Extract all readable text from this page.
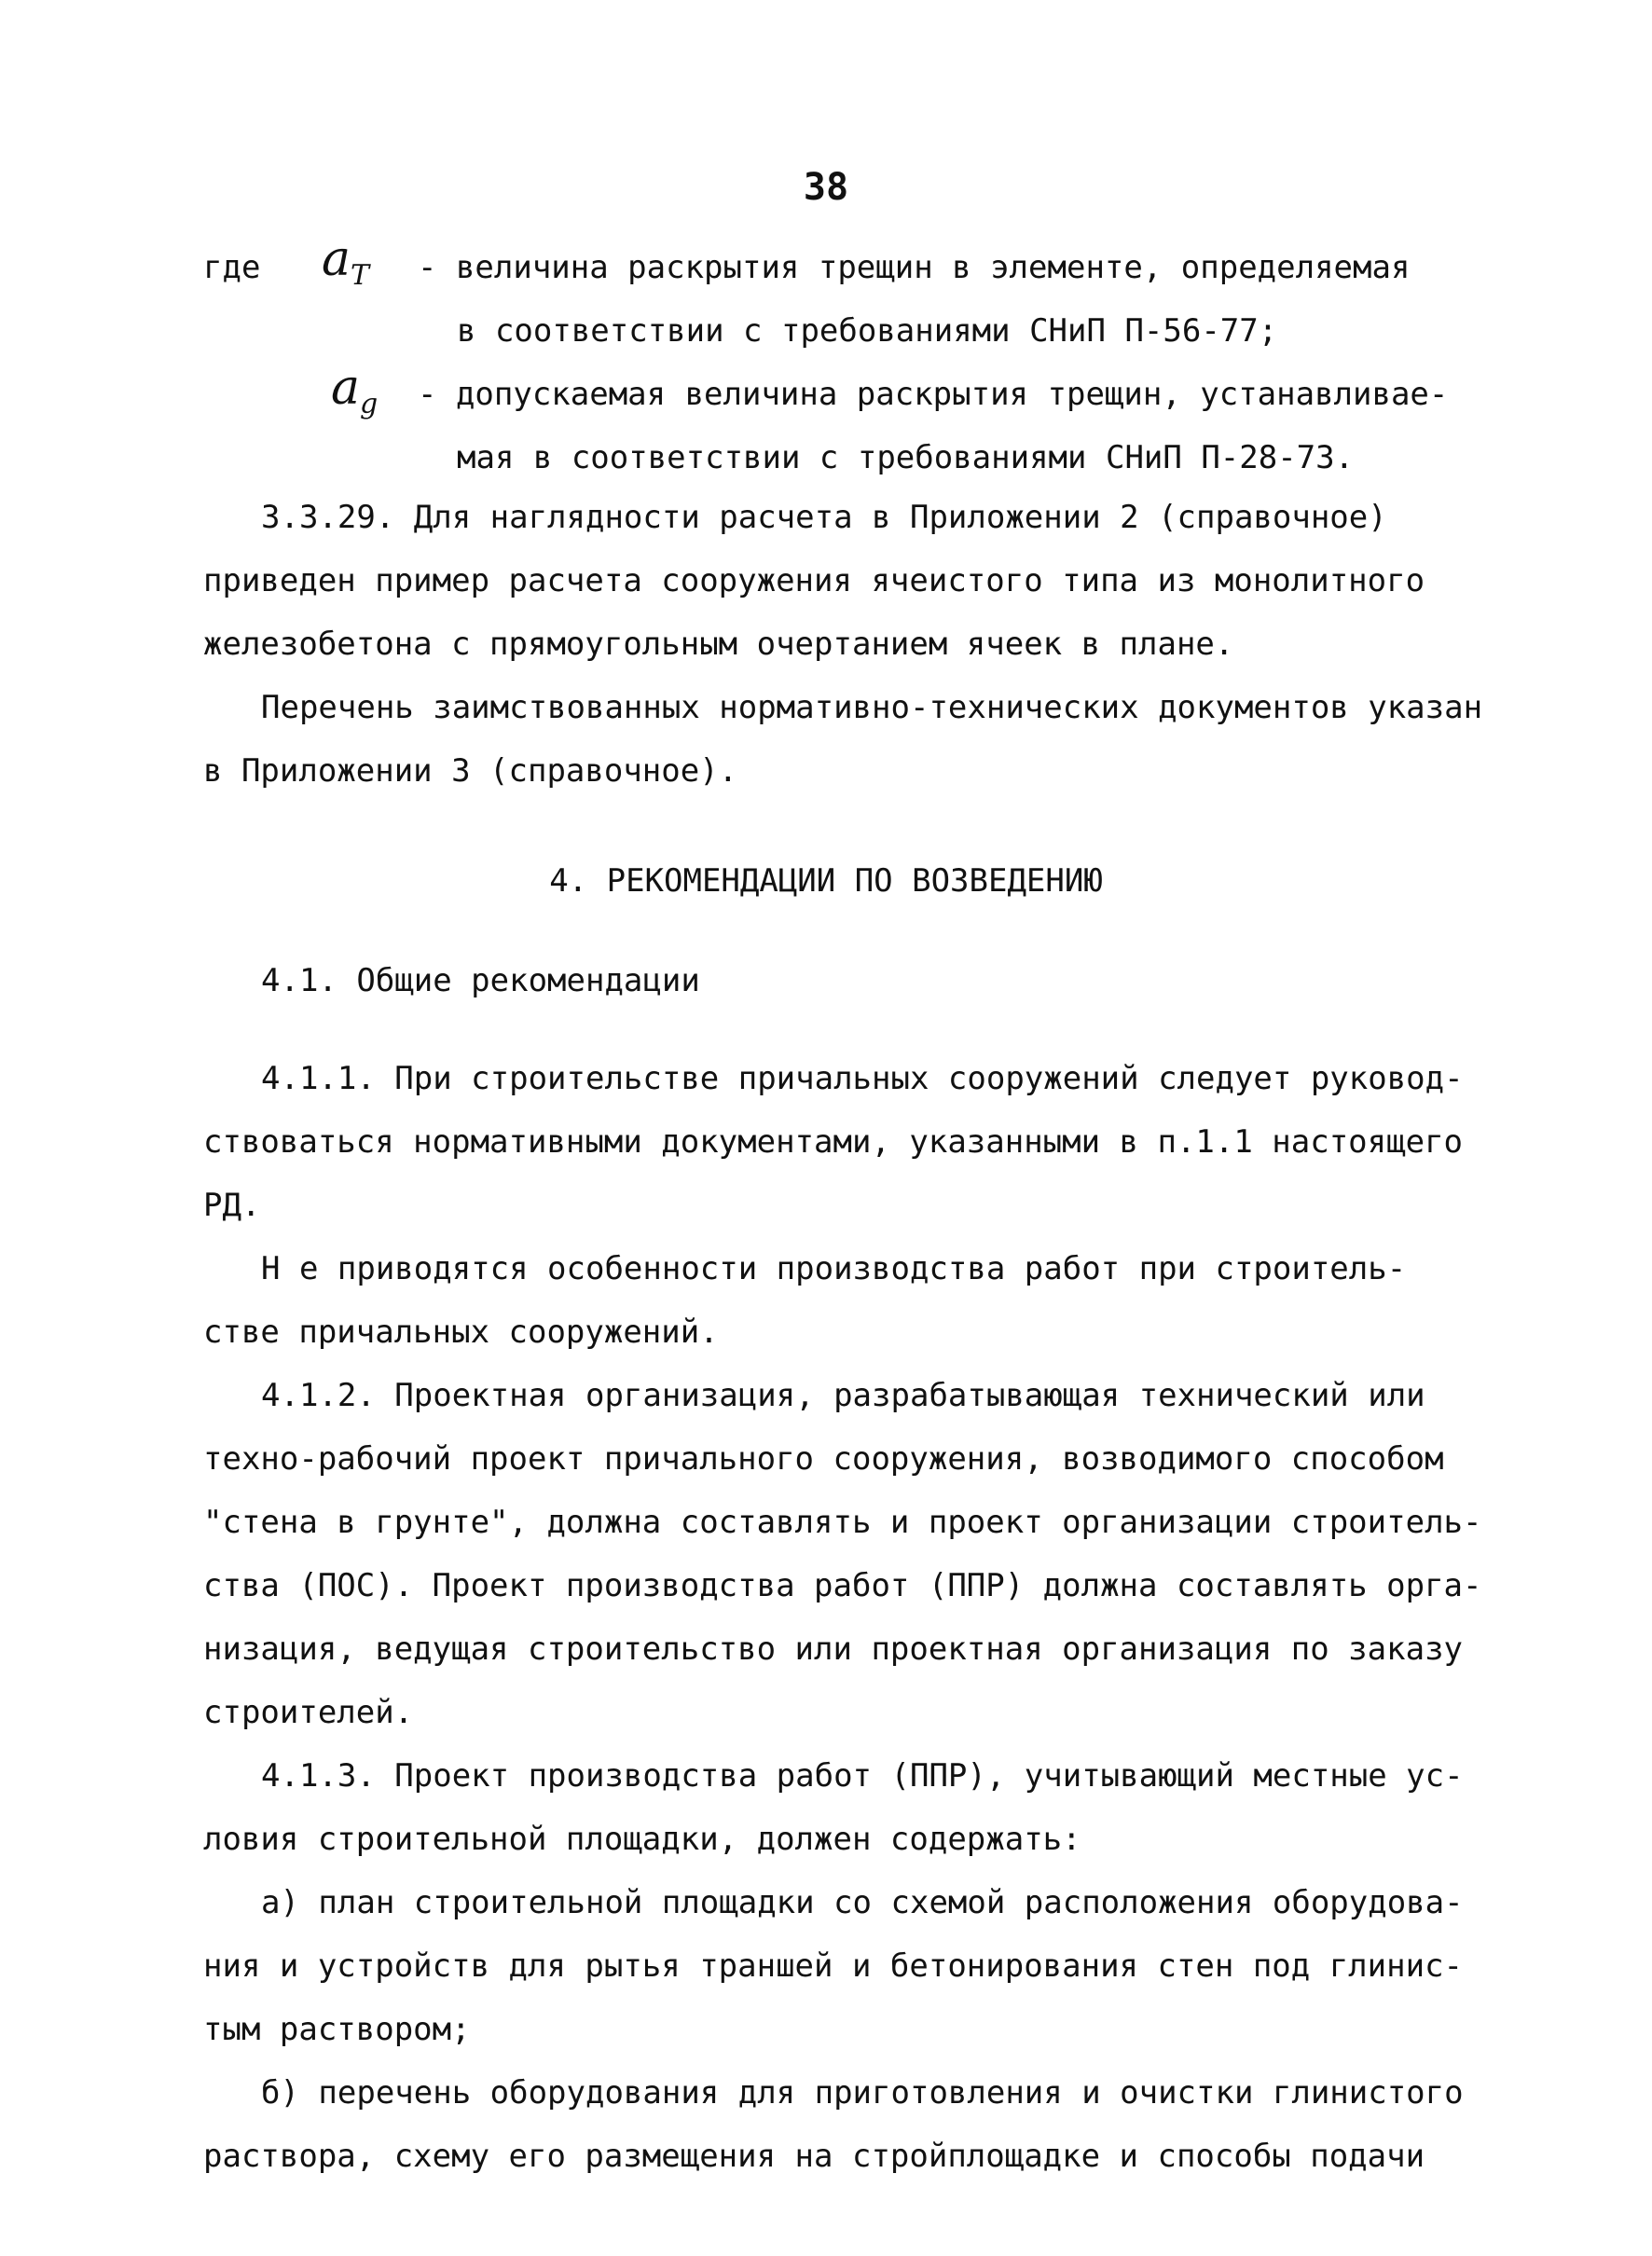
38
где $a_T$ - величина раскрытия трещин в элементе, определяемая
в соответствии с требованиями СНиП П-56-77;
$a_g$ - допускаемая величина раскрытия трещин, устанавливае-
мая в соответствии с требованиями СНиП П-28-73.
3.3.29. Для наглядности расчета в Приложении 2 (справочное)
приведен пример расчета сооружения ячеистого типа из монолитного
железобетона с прямоугольным очертанием ячеек в плане.
Перечень заимствованных нормативно-технических документов указан
в Приложении 3 (справочное).
4. РЕКОМЕНДАЦИИ ПО ВОЗВЕДЕНИЮ
4.1. Общие рекомендации
4.1.1. При строительстве причальных сооружений следует руковод-
ствоваться нормативными документами, указанными в п.1.1 настоящего
РД.
Н е приводятся особенности производства работ при строитель-
стве причальных сооружений.
4.1.2. Проектная организация, разрабатывающая технический или
техно-рабочий проект причального сооружения, возводимого способом
"стена в грунте", должна составлять и проект организации строитель-
ства (ПОС). Проект производства работ (ППР) должна составлять орга-
низация, ведущая строительство или проектная организация по заказу
строителей.
4.1.3. Проект производства работ (ППР), учитывающий местные ус-
ловия строительной площадки, должен содержать:
а) план строительной площадки со схемой расположения оборудова-
ния и устройств для рытья траншей и бетонирования стен под глинис-
тым раствором;
б) перечень оборудования для приготовления и очистки глинистого
раствора, схему его размещения на стройплощадке и способы подачи
